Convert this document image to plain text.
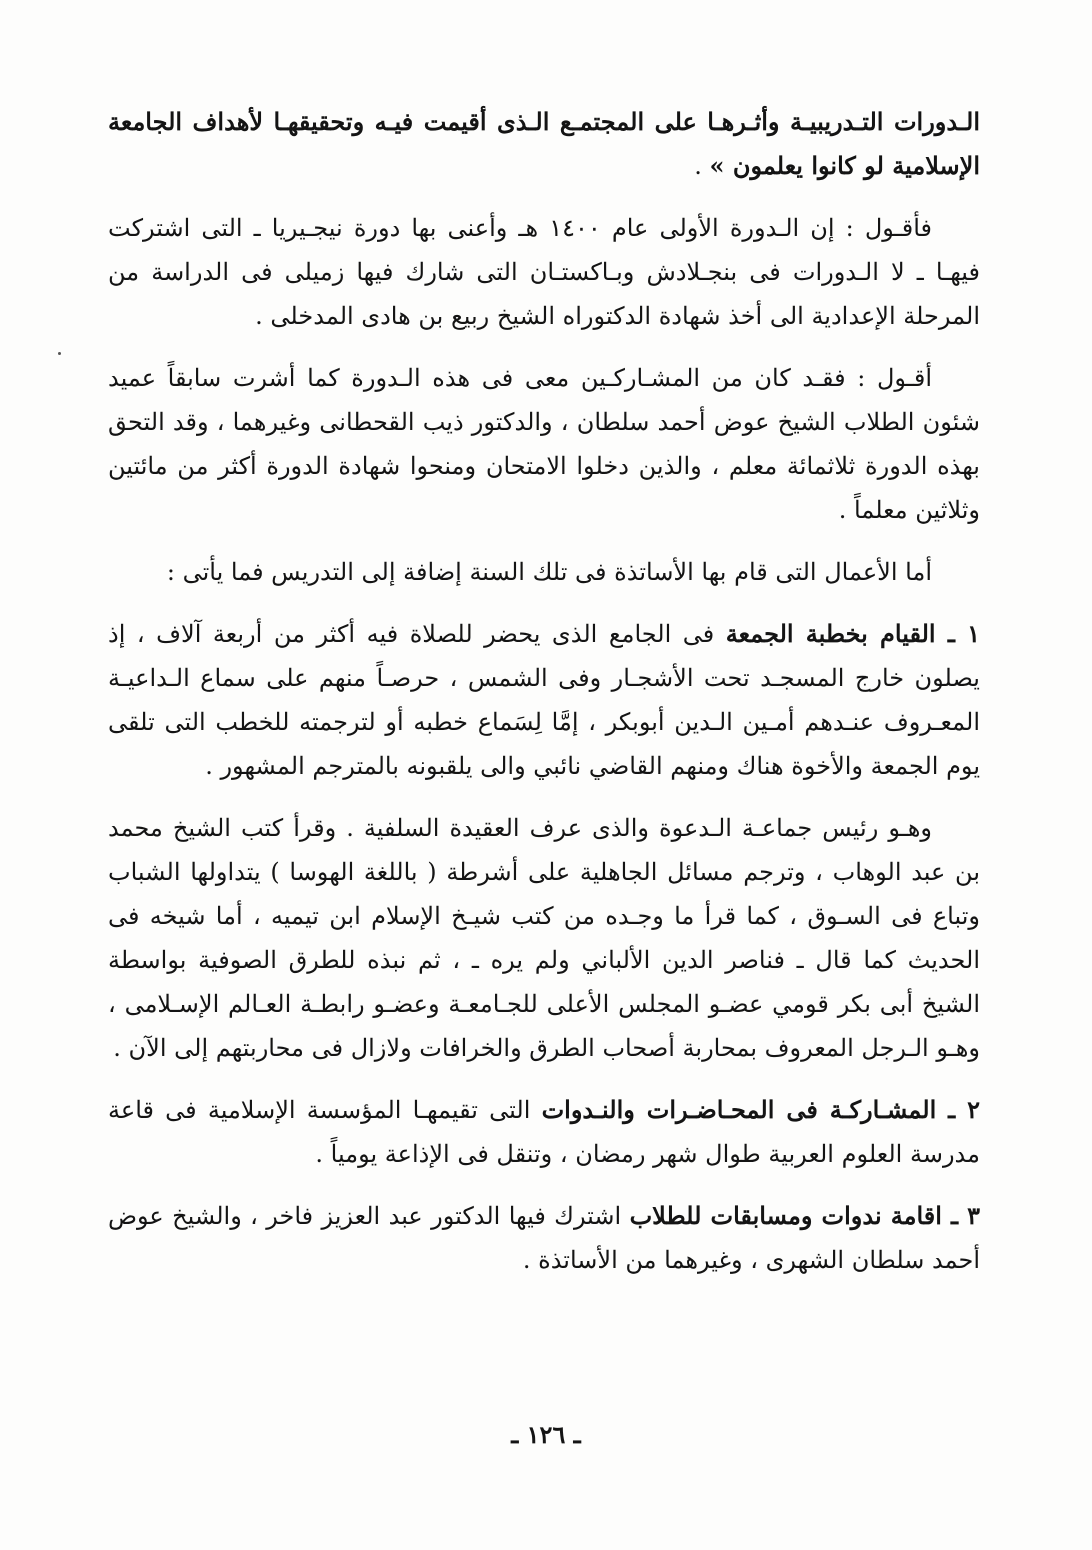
الـدورات التـدريبيـة وأثـرهـا على المجتمـع الـذى أقيمت فيـه وتحقيقهـا لأهداف الجامعة الإسلامية لو كانوا يعلمون » .

فأقـول : إن الـدورة الأولى عام ١٤٠٠ هـ وأعنى بها دورة نيجـيريا ـ التى اشتركت فيهـا ـ لا الـدورات فى بنجـلادش وبـاكستـان التى شارك فيها زميلى فى الدراسة من المرحلة الإعدادية الى أخذ شهادة الدكتوراه الشيخ ربيع بن هادى المدخلى .

أقـول : فقـد كان من المشـاركـين معى فى هذه الـدورة كما أشرت سابقاً عميد شئون الطلاب الشيخ عوض أحمد سلطان ، والدكتور ذيب القحطانى وغيرهما ، وقد التحق بهذه الدورة ثلاثمائة معلم ، والذين دخلوا الامتحان ومنحوا شهادة الدورة أكثر من مائتين وثلاثين معلماً .

أما الأعمال التى قام بها الأساتذة فى تلك السنة إضافة إلى التدريس فما يأتى :

١ ـ القيام بخطبة الجمعة فى الجامع الذى يحضر للصلاة فيه أكثر من أربعة آلاف ، إذ يصلون خارج المسجـد تحت الأشجـار وفى الشمس ، حرصـاً منهم على سماع الـداعيـة المعـروف عنـدهم أمـين الـدين أبوبكر ، إمَّا لِسَماع خطبه أو لترجمته للخطب التى تلقى يوم الجمعة والأخوة هناك ومنهم القاضي نائبي والى يلقبونه بالمترجم المشهور .

وهـو رئيس جماعـة الـدعوة والذى عرف العقيدة السلفية . وقرأ كتب الشيخ محمد بن عبد الوهاب ، وترجم مسائل الجاهلية على أشرطة ( باللغة الهوسا ) يتداولها الشباب وتباع فى السـوق ، كما قرأ ما وجـده من كتب شيـخ الإسلام ابن تيميه ، أما شيخه فى الحديث كما قال ـ فناصر الدين الألباني ولم يره ـ ، ثم نبذه للطرق الصوفية بواسطة الشيخ أبى بكر قومي عضـو المجلس الأعلى للجـامعـة وعضـو رابطـة العـالم الإسـلامى ، وهـو الـرجل المعروف بمحاربة أصحاب الطرق والخرافات ولازال فى محاربتهم إلى الآن .

٢ ـ المشـاركـة فى المحـاضـرات والنـدوات التى تقيمهـا المؤسسة الإسلامية فى قاعة مدرسة العلوم العربية طوال شهر رمضان ، وتنقل فى الإذاعة يومياً .

٣ ـ اقامة ندوات ومسابقات للطلاب اشترك فيها الدكتور عبد العزيز فاخر ، والشيخ عوض أحمد سلطان الشهرى ، وغيرهما من الأساتذة .

ـ ١٢٦ ـ
